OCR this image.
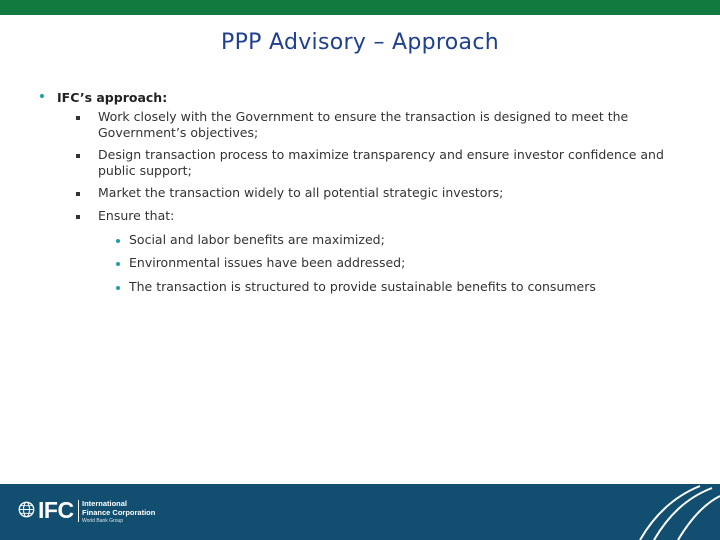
PPP Advisory – Approach
IFC’s approach:
Work closely with the Government to ensure the transaction is designed to meet the Government’s objectives;
Design transaction process to maximize transparency and ensure investor confidence and public support;
Market the transaction widely to all potential strategic investors;
Ensure that:
Social and labor benefits are maximized;
Environmental issues have been addressed;
The transaction is structured to provide sustainable benefits to consumers
IFC International
Finance Corporation
World Bank Group
